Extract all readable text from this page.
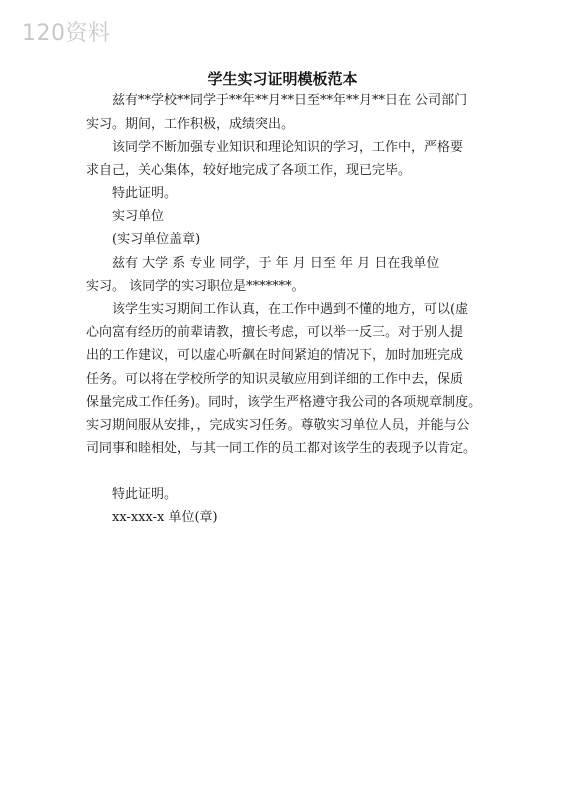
120资料
学生实习证明模板范本
兹有**学校**同学于**年**月**日至**年**月**日在 公司部门
实习。期间，工作积极，成绩突出。
该同学不断加强专业知识和理论知识的学习，工作中，严格要
求自己，关心集体，较好地完成了各项工作，现已完毕。
特此证明。
实习单位
(实习单位盖章)
兹有 大学 系 专业 同学，于 年 月 日至 年 月 日在我单位
实习。 该同学的实习职位是*******。
该学生实习期间工作认真，在工作中遇到不懂的地方，可以(虚
心向富有经历的前辈请教，擅长考虑，可以举一反三。对于别人提
出的工作建议，可以虚心听飙在时间紧迫的情况下，加时加班完成
任务。可以将在学校所学的知识灵敏应用到详细的工作中去，保质
保量完成工作任务)。同时，该学生严格遵守我公司的各项规章制度。
实习期间服从安排，，完成实习任务。尊敬实习单位人员，并能与公
司同事和睦相处，与其一同工作的员工都对该学生的表现予以肯定。
特此证明。
xx-xxx-x 单位(章)
